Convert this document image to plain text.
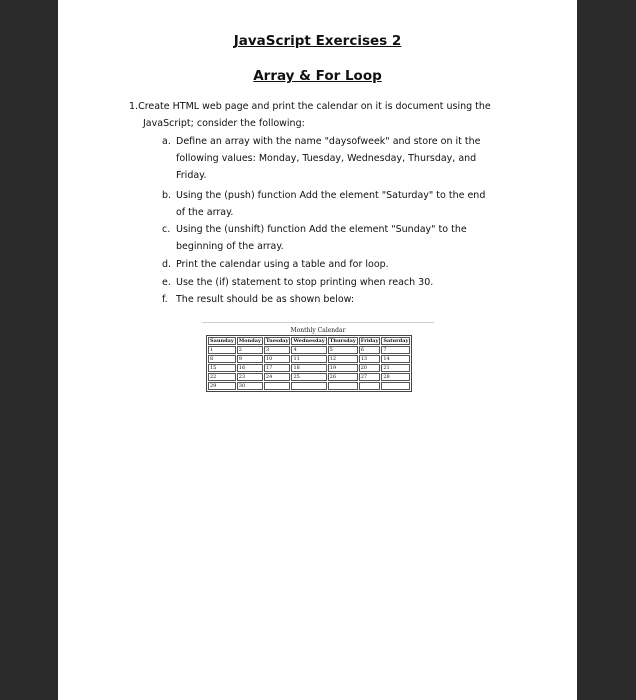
JavaScript Exercises 2
Array & For Loop
1.Create HTML web page and print the calendar on it is document using the
JavaScript; consider the following:
a. Define an array with the name "daysofweek" and store on it the
following values: Monday, Tuesday, Wednesday, Thursday, and
Friday.
b. Using the (push) function Add the element "Saturday" to the end
of the array.
c. Using the (unshift) function Add the element "Sunday" to the
beginning of the array.
d. Print the calendar using a table and for loop.
e. Use the (if) statement to stop printing when reach 30.
f. The result should be as shown below:
Monthly Calendar
Saunday	Monday	Tuesday	Wednesday	Thursday	Friday	Saturday
1	2	3	4	5	6	7
8	9	10	11	12	13	14
15	16	17	18	19	20	21
22	23	24	25	26	27	28
29	30					
